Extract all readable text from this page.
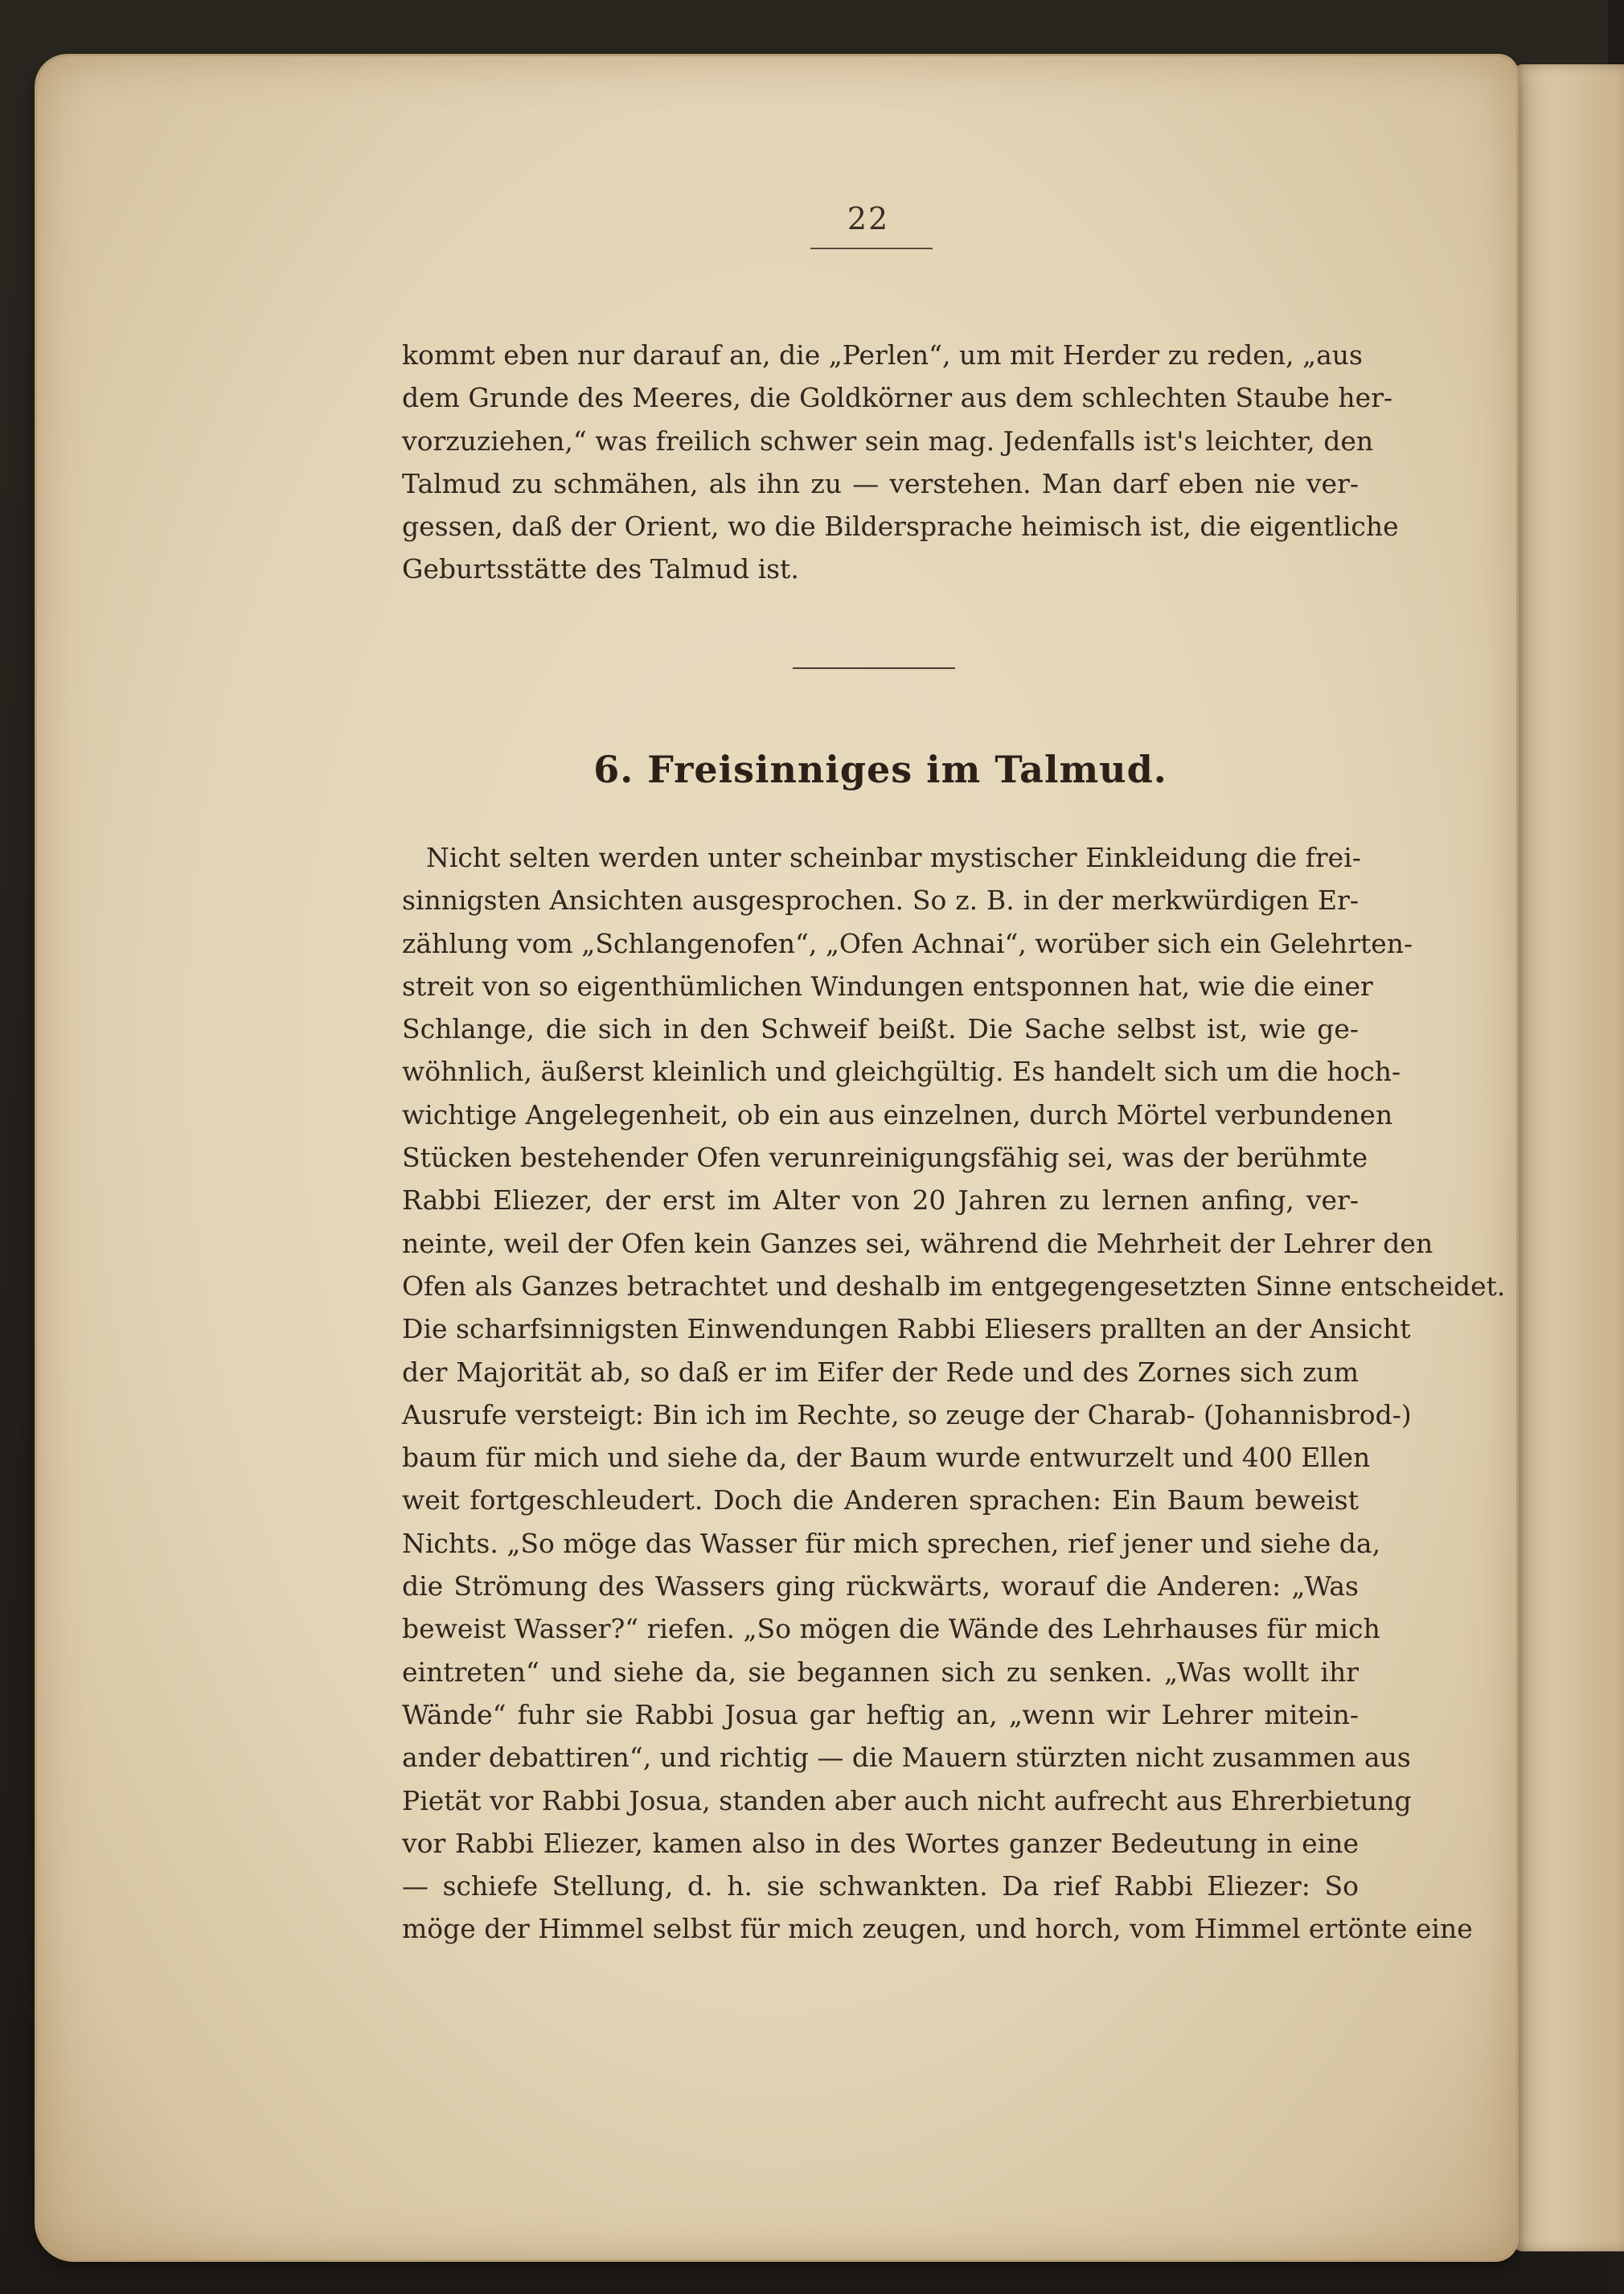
22
kommt eben nur darauf an, die „Perlen“, um mit Herder zu reden, „aus
dem Grunde des Meeres, die Goldkörner aus dem schlechten Staube her-
vorzuziehen,“ was freilich schwer sein mag. Jedenfalls ist's leichter, den
Talmud zu schmähen, als ihn zu — verstehen. Man darf eben nie ver-
gessen, daß der Orient, wo die Bildersprache heimisch ist, die eigentliche
Geburtsstätte des Talmud ist.
6. Freisinniges im Talmud.
Nicht selten werden unter scheinbar mystischer Einkleidung die frei-
sinnigsten Ansichten ausgesprochen. So z. B. in der merkwürdigen Er-
zählung vom „Schlangenofen“, „Ofen Achnai“, worüber sich ein Gelehrten-
streit von so eigenthümlichen Windungen entsponnen hat, wie die einer
Schlange, die sich in den Schweif beißt. Die Sache selbst ist, wie ge-
wöhnlich, äußerst kleinlich und gleichgültig. Es handelt sich um die hoch-
wichtige Angelegenheit, ob ein aus einzelnen, durch Mörtel verbundenen
Stücken bestehender Ofen verunreinigungsfähig sei, was der berühmte
Rabbi Eliezer, der erst im Alter von 20 Jahren zu lernen anfing, ver-
neinte, weil der Ofen kein Ganzes sei, während die Mehrheit der Lehrer den
Ofen als Ganzes betrachtet und deshalb im entgegengesetzten Sinne entscheidet.
Die scharfsinnigsten Einwendungen Rabbi Eliesers prallten an der Ansicht
der Majorität ab, so daß er im Eifer der Rede und des Zornes sich zum
Ausrufe versteigt: Bin ich im Rechte, so zeuge der Charab- (Johannisbrod-)
baum für mich und siehe da, der Baum wurde entwurzelt und 400 Ellen
weit fortgeschleudert. Doch die Anderen sprachen: Ein Baum beweist
Nichts. „So möge das Wasser für mich sprechen, rief jener und siehe da,
die Strömung des Wassers ging rückwärts, worauf die Anderen: „Was
beweist Wasser?“ riefen. „So mögen die Wände des Lehrhauses für mich
eintreten“ und siehe da, sie begannen sich zu senken. „Was wollt ihr
Wände“ fuhr sie Rabbi Josua gar heftig an, „wenn wir Lehrer mitein-
ander debattiren“, und richtig — die Mauern stürzten nicht zusammen aus
Pietät vor Rabbi Josua, standen aber auch nicht aufrecht aus Ehrerbietung
vor Rabbi Eliezer, kamen also in des Wortes ganzer Bedeutung in eine
— schiefe Stellung, d. h. sie schwankten. Da rief Rabbi Eliezer: So
möge der Himmel selbst für mich zeugen, und horch, vom Himmel ertönte eine
